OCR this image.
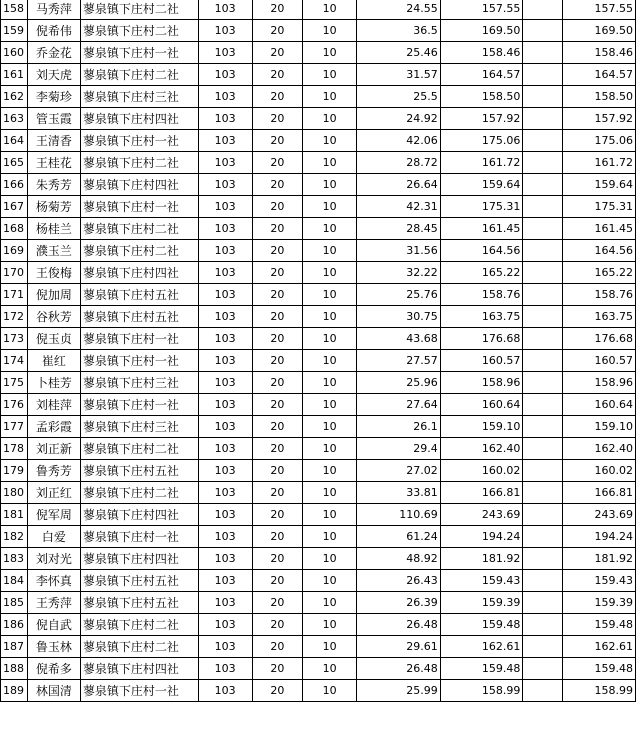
158	马秀萍	蓼泉镇下庄村二社	103	20	10	24.55	157.55		157.55
159	倪希伟	蓼泉镇下庄村二社	103	20	10	36.5	169.50		169.50
160	乔金花	蓼泉镇下庄村一社	103	20	10	25.46	158.46		158.46
161	刘天虎	蓼泉镇下庄村二社	103	20	10	31.57	164.57		164.57
162	李菊珍	蓼泉镇下庄村三社	103	20	10	25.5	158.50		158.50
163	管玉霞	蓼泉镇下庄村四社	103	20	10	24.92	157.92		157.92
164	王清香	蓼泉镇下庄村一社	103	20	10	42.06	175.06		175.06
165	王桂花	蓼泉镇下庄村二社	103	20	10	28.72	161.72		161.72
166	朱秀芳	蓼泉镇下庄村四社	103	20	10	26.64	159.64		159.64
167	杨菊芳	蓼泉镇下庄村一社	103	20	10	42.31	175.31		175.31
168	杨桂兰	蓼泉镇下庄村二社	103	20	10	28.45	161.45		161.45
169	濮玉兰	蓼泉镇下庄村二社	103	20	10	31.56	164.56		164.56
170	王俊梅	蓼泉镇下庄村四社	103	20	10	32.22	165.22		165.22
171	倪加周	蓼泉镇下庄村五社	103	20	10	25.76	158.76		158.76
172	谷秋芳	蓼泉镇下庄村五社	103	20	10	30.75	163.75		163.75
173	倪玉贞	蓼泉镇下庄村一社	103	20	10	43.68	176.68		176.68
174	崔红	蓼泉镇下庄村一社	103	20	10	27.57	160.57		160.57
175	卜桂芳	蓼泉镇下庄村三社	103	20	10	25.96	158.96		158.96
176	刘桂萍	蓼泉镇下庄村一社	103	20	10	27.64	160.64		160.64
177	孟彩霞	蓼泉镇下庄村三社	103	20	10	26.1	159.10		159.10
178	刘正新	蓼泉镇下庄村二社	103	20	10	29.4	162.40		162.40
179	鲁秀芳	蓼泉镇下庄村五社	103	20	10	27.02	160.02		160.02
180	刘正红	蓼泉镇下庄村二社	103	20	10	33.81	166.81		166.81
181	倪军周	蓼泉镇下庄村四社	103	20	10	110.69	243.69		243.69
182	白爱	蓼泉镇下庄村一社	103	20	10	61.24	194.24		194.24
183	刘对光	蓼泉镇下庄村四社	103	20	10	48.92	181.92		181.92
184	李怀真	蓼泉镇下庄村五社	103	20	10	26.43	159.43		159.43
185	王秀萍	蓼泉镇下庄村五社	103	20	10	26.39	159.39		159.39
186	倪自武	蓼泉镇下庄村二社	103	20	10	26.48	159.48		159.48
187	鲁玉林	蓼泉镇下庄村二社	103	20	10	29.61	162.61		162.61
188	倪希多	蓼泉镇下庄村四社	103	20	10	26.48	159.48		159.48
189	林国清	蓼泉镇下庄村一社	103	20	10	25.99	158.99		158.99
